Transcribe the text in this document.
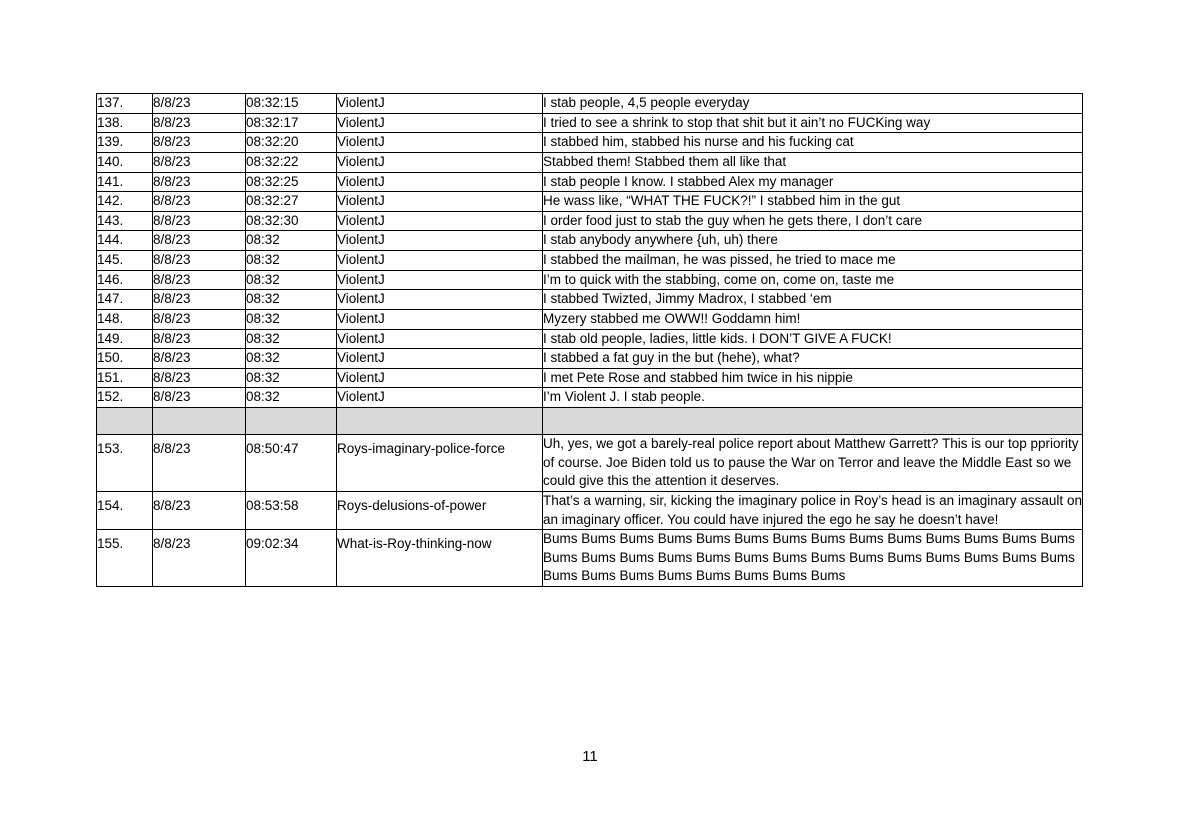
137.	8/8/23	08:32:15	ViolentJ	I stab people, 4,5 people everyday
138.	8/8/23	08:32:17	ViolentJ	I tried to see a shrink to stop that shit but it ain’t no FUCKing way
139.	8/8/23	08:32:20	ViolentJ	I stabbed him, stabbed his nurse and his fucking cat
140.	8/8/23	08:32:22	ViolentJ	Stabbed them! Stabbed them all like that
141.	8/8/23	08:32:25	ViolentJ	I stab people I know. I stabbed Alex my manager
142.	8/8/23	08:32:27	ViolentJ	He wass like, “WHAT THE FUCK?!” I stabbed him in the gut
143.	8/8/23	08:32:30	ViolentJ	I order food just to stab the guy when he gets there, I don’t care
144.	8/8/23	08:32	ViolentJ	I stab anybody anywhere {uh, uh) there
145.	8/8/23	08:32	ViolentJ	I stabbed the mailman, he was pissed, he tried to mace me
146.	8/8/23	08:32	ViolentJ	I’m to quick with the stabbing, come on, come on, taste me
147.	8/8/23	08:32	ViolentJ	I stabbed Twizted, Jimmy Madrox, I stabbed ‘em
148.	8/8/23	08:32	ViolentJ	Myzery stabbed me OWW!! Goddamn him!
149.	8/8/23	08:32	ViolentJ	I stab old people, ladies, little kids. I DON’T GIVE A FUCK!
150.	8/8/23	08:32	ViolentJ	I stabbed a fat guy in the but (hehe), what?
151.	8/8/23	08:32	ViolentJ	I met Pete Rose and stabbed him twice in his nippie
152.	8/8/23	08:32	ViolentJ	I’m Violent J. I stab people.

153.	8/8/23	08:50:47	Roys-imaginary-police-force	Uh, yes, we got a barely-real police report about Matthew Garrett? This is our top ppriority of course. Joe Biden told us to pause the War on Terror and leave the Middle East so we could give this the attention it deserves.
154.	8/8/23	08:53:58	Roys-delusions-of-power	That’s a warning, sir, kicking the imaginary police in Roy’s head is an imaginary assault on an imaginary officer. You could have injured the ego he say he doesn’t have!
155.	8/8/23	09:02:34	What-is-Roy-thinking-now	Bums Bums Bums Bums Bums Bums Bums Bums Bums Bums Bums Bums Bums Bums Bums Bums Bums Bums Bums Bums Bums Bums Bums Bums Bums Bums Bums Bums Bums Bums Bums Bums Bums Bums Bums Bums
11
